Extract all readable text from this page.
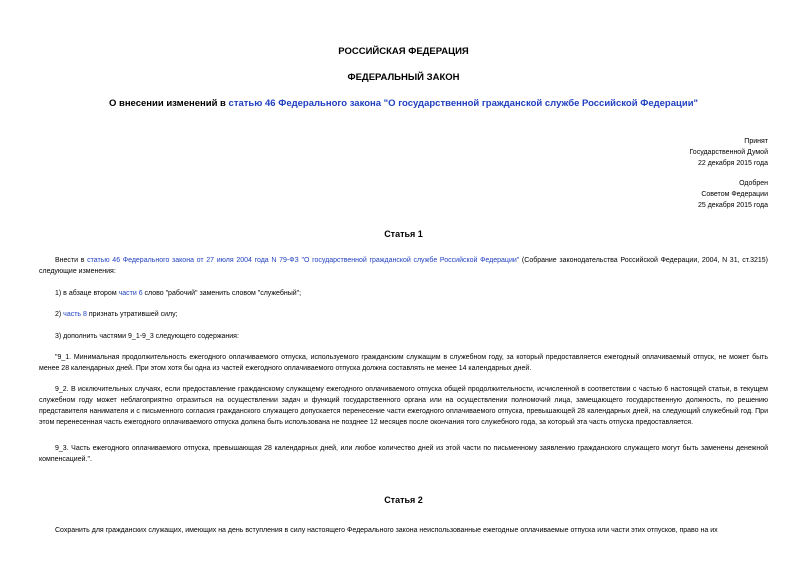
РОССИЙСКАЯ ФЕДЕРАЦИЯ
ФЕДЕРАЛЬНЫЙ ЗАКОН
О внесении изменений в статью 46 Федерального закона "О государственной гражданской службе Российской Федерации"
Принят
Государственной Думой
22 декабря 2015 года
Одобрен
Советом Федерации
25 декабря 2015 года
Статья 1
Внести в статью 46 Федерального закона от 27 июля 2004 года N 79-ФЗ "О государственной гражданской службе Российской Федерации" (Собрание законодательства Российской Федерации, 2004, N 31, ст.3215) следующие изменения:
1) в абзаце втором части 6 слово "рабочий" заменить словом "служебный";
2) часть 8 признать утратившей силу;
3) дополнить частями 9_1-9_3 следующего содержания:
"9_1. Минимальная продолжительность ежегодного оплачиваемого отпуска, используемого гражданским служащим в служебном году, за который предоставляется ежегодный оплачиваемый отпуск, не может быть менее 28 календарных дней. При этом хотя бы одна из частей ежегодного оплачиваемого отпуска должна составлять не менее 14 календарных дней.
9_2. В исключительных случаях, если предоставление гражданскому служащему ежегодного оплачиваемого отпуска общей продолжительности, исчисленной в соответствии с частью 6 настоящей статьи, в текущем служебном году может неблагоприятно отразиться на осуществлении задач и функций государственного органа или на осуществлении полномочий лица, замещающего государственную должность, по решению представителя нанимателя и с письменного согласия гражданского служащего допускается перенесение части ежегодного оплачиваемого отпуска, превышающей 28 календарных дней, на следующий служебный год. При этом перенесенная часть ежегодного оплачиваемого отпуска должна быть использована не позднее 12 месяцев после окончания того служебного года, за который эта часть отпуска предоставляется.
9_3. Часть ежегодного оплачиваемого отпуска, превышающая 28 календарных дней, или любое количество дней из этой части по письменному заявлению гражданского служащего могут быть заменены денежной компенсацией.".
Статья 2
Сохранить для гражданских служащих, имеющих на день вступления в силу настоящего Федерального закона неиспользованные ежегодные оплачиваемые отпуска или части этих отпусков, право на их
